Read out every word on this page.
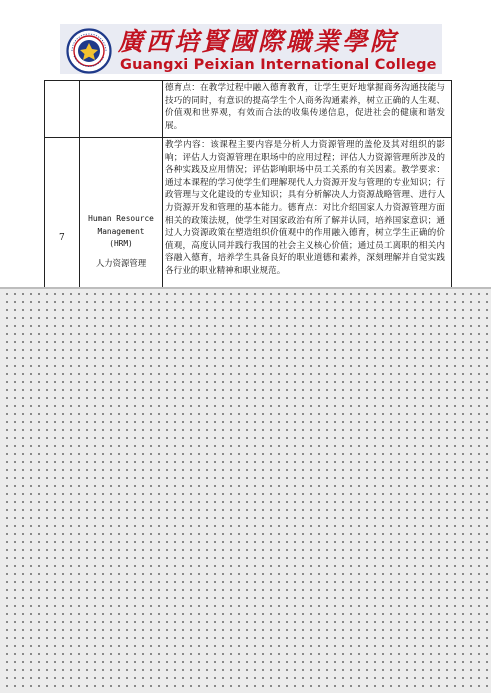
廣西培賢國際職業學院
Guangxi Peixian International College
德育点：在教学过程中融入德育教育，让学生更好地掌握商务沟通技能与技巧的同时，有意识的提高学生个人商务沟通素养，树立正确的人生观、价值观和世界观，有效而合法的收集传递信息，促进社会的健康和谐发展。
7
Human Resource
Management
(HRM)
人力资源管理
教学内容：该课程主要内容是分析人力资源管理的盖伦及其对组织的影响；评估人力资源管理在职场中的应用过程；评估人力资源管理所涉及的各种实践及应用情况；评估影响职场中员工关系的有关因素。教学要求：通过本课程的学习使学生们理解现代人力资源开发与管理的专业知识；行政管理与文化建设的专业知识；具有分析解决人力资源战略管理、进行人力资源开发和管理的基本能力。德育点：对比介绍国家人力资源管理方面相关的政策法规，使学生对国家政治有所了解并认同，培养国家意识；通过人力资源政策在塑造组织价值观中的作用融入德育，树立学生正确的价值观，高度认同并践行我国的社会主义核心价值；通过员工离职的相关内容融入德育，培养学生具备良好的职业道德和素养，深刻理解并自觉实践各行业的职业精神和职业规范。
